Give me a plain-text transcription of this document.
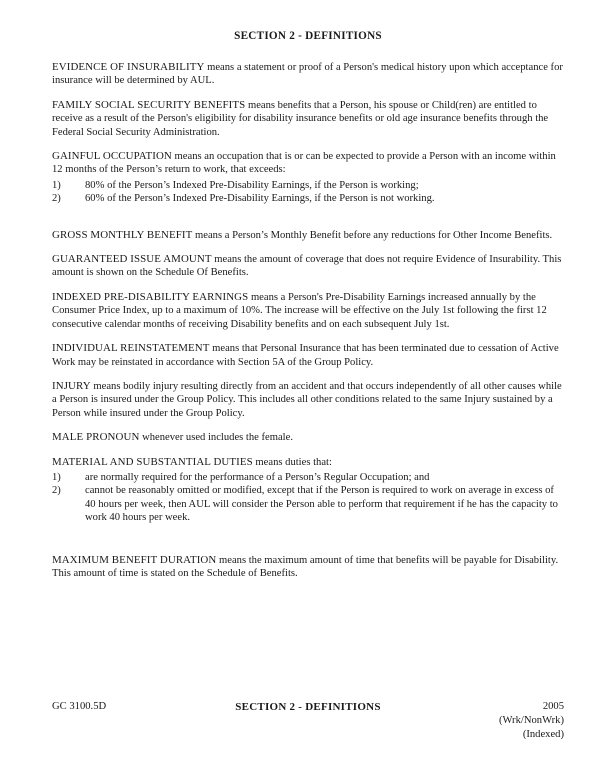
SECTION 2 - DEFINITIONS

EVIDENCE OF INSURABILITY means a statement or proof of a Person's medical history upon which acceptance for insurance will be determined by AUL.

FAMILY SOCIAL SECURITY BENEFITS means benefits that a Person, his spouse or Child(ren) are entitled to receive as a result of the Person's eligibility for disability insurance benefits or old age insurance benefits through the Federal Social Security Administration.

GAINFUL OCCUPATION means an occupation that is or can be expected to provide a Person with an income within 12 months of the Person’s return to work, that exceeds:

1)	80% of the Person’s Indexed Pre-Disability Earnings, if the Person is working;
2)	60% of the Person’s Indexed Pre-Disability Earnings, if the Person is not working.

GROSS MONTHLY BENEFIT means a Person’s Monthly Benefit before any reductions for Other Income Benefits.

GUARANTEED ISSUE AMOUNT means the amount of coverage that does not require Evidence of Insurability. This amount is shown on the Schedule Of Benefits.

INDEXED PRE-DISABILITY EARNINGS means a Person's Pre-Disability Earnings increased annually by the Consumer Price Index, up to a maximum of 10%. The increase will be effective on the July 1st following the first 12 consecutive calendar months of receiving Disability benefits and on each subsequent July 1st.

INDIVIDUAL REINSTATEMENT means that Personal Insurance that has been terminated due to cessation of Active Work may be reinstated in accordance with Section 5A of the Group Policy.

INJURY means bodily injury resulting directly from an accident and that occurs independently of all other causes while a Person is insured under the Group Policy. This includes all other conditions related to the same Injury sustained by a Person while insured under the Group Policy.

MALE PRONOUN whenever used includes the female.

MATERIAL AND SUBSTANTIAL DUTIES means duties that:

1)	are normally required for the performance of a Person’s Regular Occupation; and
2)	cannot be reasonably omitted or modified, except that if the Person is required to work on average in excess of 40 hours per week, then AUL will consider the Person able to perform that requirement if he has the capacity to work 40 hours per week.

MAXIMUM BENEFIT DURATION means the maximum amount of time that benefits will be payable for Disability. This amount of time is stated on the Schedule of Benefits.

GC 3100.5D	SECTION 2 - DEFINITIONS	2005
(Wrk/NonWrk)
(Indexed)
